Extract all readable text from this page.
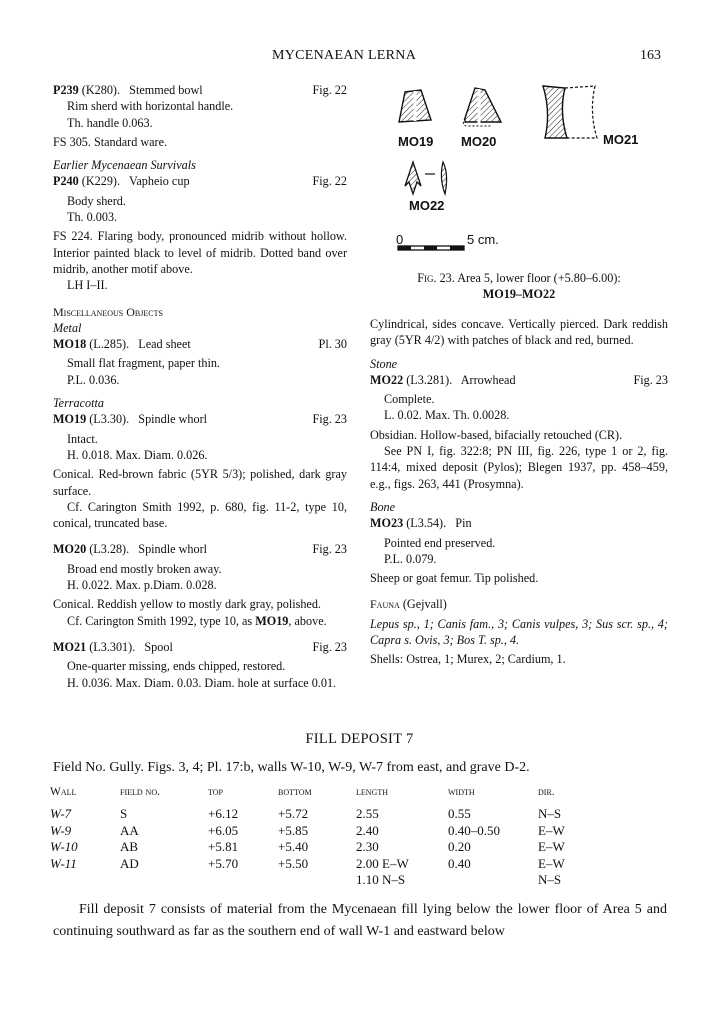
MYCENAEAN LERNA	163
P239 (K280). Stemmed bowl	Fig. 22
Rim sherd with horizontal handle.
Th. handle 0.063.
FS 305. Standard ware.
Earlier Mycenaean Survivals
P240 (K229). Vapheio cup	Fig. 22
Body sherd.
Th. 0.003.
FS 224. Flaring body, pronounced midrib without hollow. Interior painted black to level of midrib. Dotted band over midrib, another motif above.
LH I–II.
Miscellaneous Objects
Metal
MO18 (L.285). Lead sheet	Pl. 30
Small flat fragment, paper thin.
P.L. 0.036.
Terracotta
MO19 (L3.30). Spindle whorl	Fig. 23
Intact.
H. 0.018. Max. Diam. 0.026.
Conical. Red-brown fabric (5YR 5/3); polished, dark gray surface.
Cf. Carington Smith 1992, p. 680, fig. 11-2, type 10, conical, truncated base.
MO20 (L3.28). Spindle whorl	Fig. 23
Broad end mostly broken away.
H. 0.022. Max. p.Diam. 0.028.
Conical. Reddish yellow to mostly dark gray, polished.
Cf. Carington Smith 1992, type 10, as MO19, above.
MO21 (L3.301). Spool	Fig. 23
One-quarter missing, ends chipped, restored.
H. 0.036. Max. Diam. 0.03. Diam. hole at surface 0.01.
MO19 MO20	MO21
MO22
0	5 cm.
Fig. 23. Area 5, lower floor (+5.80–6.00):
MO19–MO22
Cylindrical, sides concave. Vertically pierced. Dark reddish gray (5YR 4/2) with patches of black and red, burned.
Stone
MO22 (L3.281). Arrowhead	Fig. 23
Complete.
L. 0.02. Max. Th. 0.0028.
Obsidian. Hollow-based, bifacially retouched (CR).
See PN I, fig. 322:8; PN III, fig. 226, type 1 or 2, fig. 114:4, mixed deposit (Pylos); Blegen 1937, pp. 458–459, e.g., figs. 263, 441 (Prosymna).
Bone
MO23 (L3.54). Pin
Pointed end preserved.
P.L. 0.079.
Sheep or goat femur. Tip polished.
Fauna (Gejvall)
Lepus sp., 1; Canis fam., 3; Canis vulpes, 3; Sus scr. sp., 4; Capra s. Ovis, 3; Bos T. sp., 4.
Shells: Ostrea, 1; Murex, 2; Cardium, 1.
FILL DEPOSIT 7
Field No. Gully. Figs. 3, 4; Pl. 17:b, walls W-10, W-9, W-7 from east, and grave D-2.
Wall	field no.	top	bottom	length	width	dir.
W-7	S	+6.12	+5.72	2.55	0.55	N–S
W-9	AA	+6.05	+5.85	2.40	0.40–0.50	E–W
W-10	AB	+5.81	+5.40	2.30	0.20	E–W
W-11	AD	+5.70	+5.50	2.00 E–W	0.40	E–W
				1.10 N–S		N–S
Fill deposit 7 consists of material from the Mycenaean fill lying below the lower floor of Area 5 and continuing southward as far as the southern end of wall W-1 and eastward below
